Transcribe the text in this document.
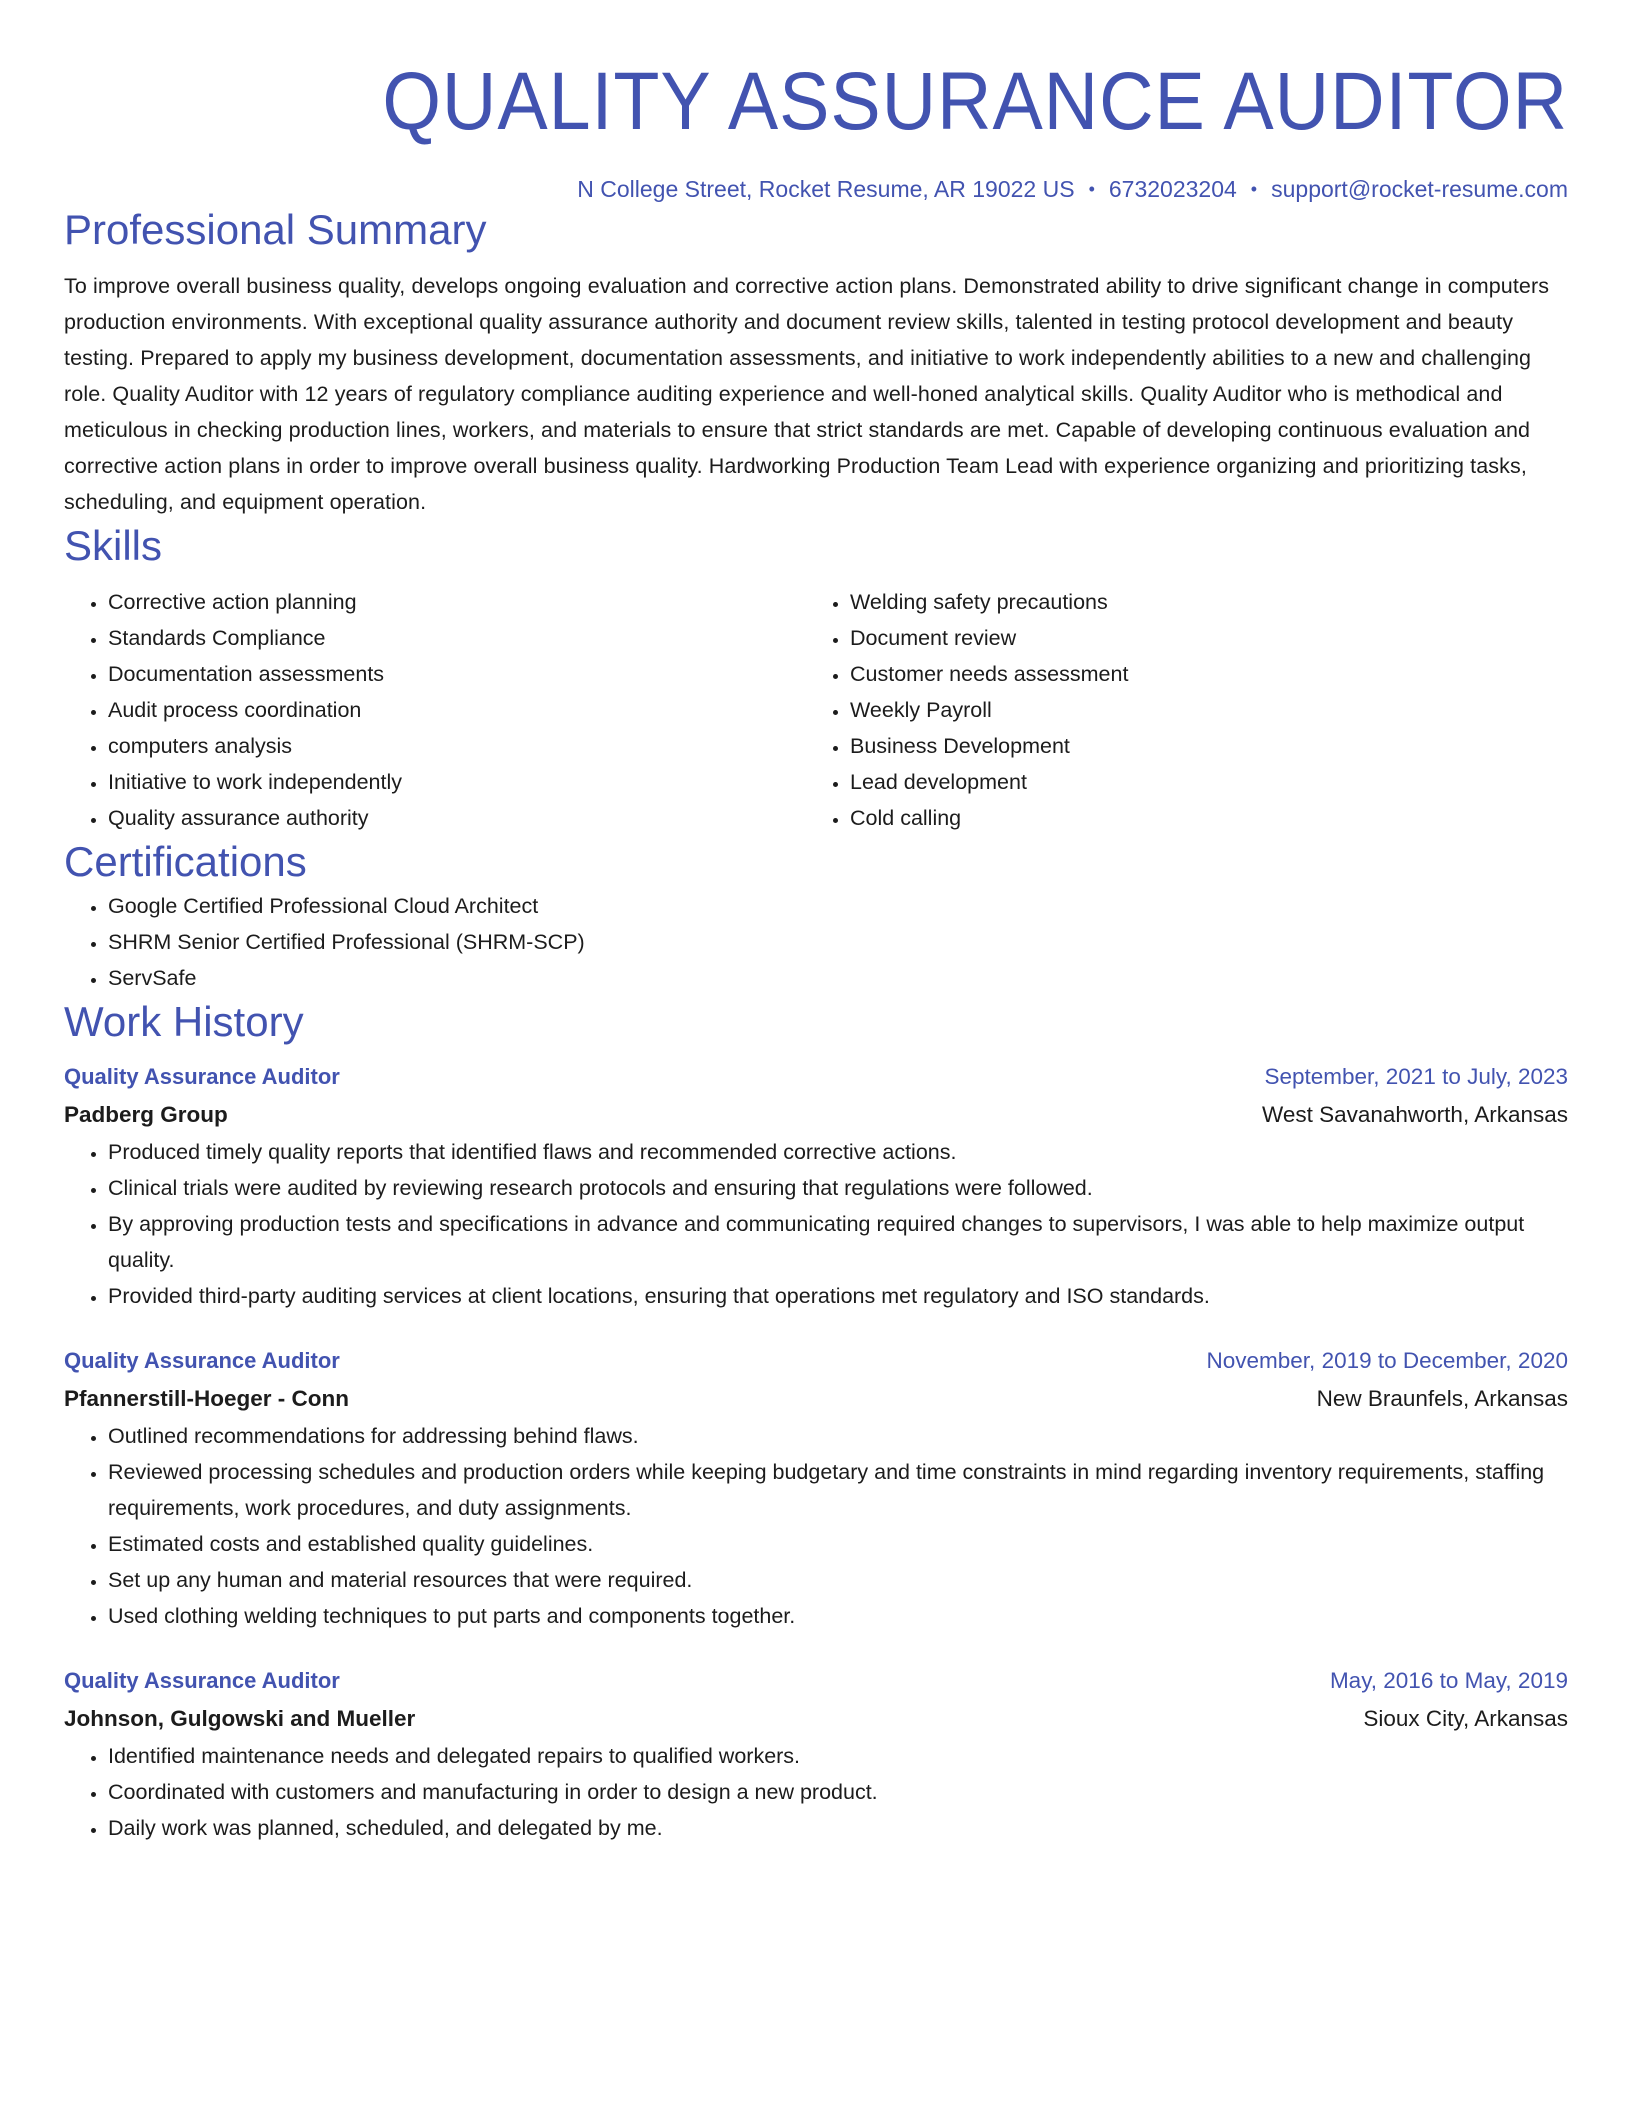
QUALITY ASSURANCE AUDITOR
N College Street, Rocket Resume, AR 19022 US • 6732023204 • support@rocket-resume.com
Professional Summary
To improve overall business quality, develops ongoing evaluation and corrective action plans. Demonstrated ability to drive significant change in computers production environments. With exceptional quality assurance authority and document review skills, talented in testing protocol development and beauty testing. Prepared to apply my business development, documentation assessments, and initiative to work independently abilities to a new and challenging role. Quality Auditor with 12 years of regulatory compliance auditing experience and well-honed analytical skills. Quality Auditor who is methodical and meticulous in checking production lines, workers, and materials to ensure that strict standards are met. Capable of developing continuous evaluation and corrective action plans in order to improve overall business quality. Hardworking Production Team Lead with experience organizing and prioritizing tasks, scheduling, and equipment operation.
Skills
• Corrective action planning
• Standards Compliance
• Documentation assessments
• Audit process coordination
• computers analysis
• Initiative to work independently
• Quality assurance authority
• Welding safety precautions
• Document review
• Customer needs assessment
• Weekly Payroll
• Business Development
• Lead development
• Cold calling
Certifications
• Google Certified Professional Cloud Architect
• SHRM Senior Certified Professional (SHRM-SCP)
• ServSafe
Work History
Quality Assurance Auditor	September, 2021 to July, 2023
Padberg Group	West Savanahworth, Arkansas
• Produced timely quality reports that identified flaws and recommended corrective actions.
• Clinical trials were audited by reviewing research protocols and ensuring that regulations were followed.
• By approving production tests and specifications in advance and communicating required changes to supervisors, I was able to help maximize output quality.
• Provided third-party auditing services at client locations, ensuring that operations met regulatory and ISO standards.
Quality Assurance Auditor	November, 2019 to December, 2020
Pfannerstill-Hoeger - Conn	New Braunfels, Arkansas
• Outlined recommendations for addressing behind flaws.
• Reviewed processing schedules and production orders while keeping budgetary and time constraints in mind regarding inventory requirements, staffing requirements, work procedures, and duty assignments.
• Estimated costs and established quality guidelines.
• Set up any human and material resources that were required.
• Used clothing welding techniques to put parts and components together.
Quality Assurance Auditor	May, 2016 to May, 2019
Johnson, Gulgowski and Mueller	Sioux City, Arkansas
• Identified maintenance needs and delegated repairs to qualified workers.
• Coordinated with customers and manufacturing in order to design a new product.
• Daily work was planned, scheduled, and delegated by me.
